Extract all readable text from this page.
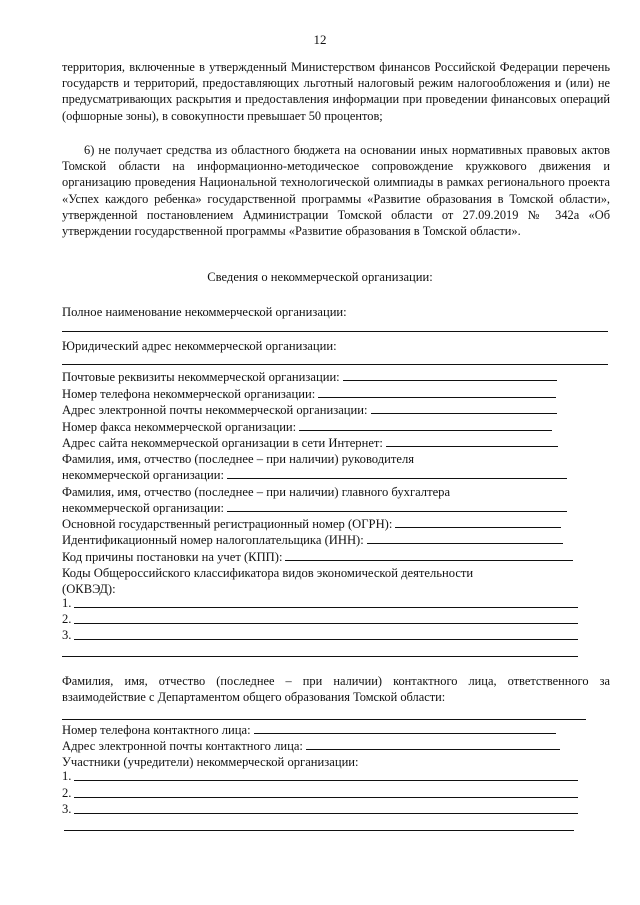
12
территория, включенные в утвержденный Министерством финансов Российской Федерации перечень государств и территорий, предоставляющих льготный налоговый режим налогообложения и (или) не предусматривающих раскрытия и предоставления информации при проведении финансовых операций (офшорные зоны), в совокупности превышает 50 процентов;
6) не получает средства из областного бюджета на основании иных нормативных правовых актов Томской области на информационно-методическое сопровождение кружкового движения и организацию проведения Национальной технологической олимпиады в рамках регионального проекта «Успех каждого ребенка» государственной программы «Развитие образования в Томской области», утвержденной постановлением Администрации Томской области от 27.09.2019 № 342а «Об утверждении государственной программы «Развитие образования в Томской области».
Сведения о некоммерческой организации:
Полное наименование некоммерческой организации:
Юридический адрес некоммерческой организации:
Почтовые реквизиты некоммерческой организации:
Номер телефона некоммерческой организации:
Адрес электронной почты некоммерческой организации:
Номер факса некоммерческой организации:
Адрес сайта некоммерческой организации в сети Интернет:
Фамилия, имя, отчество (последнее – при наличии) руководителя
некоммерческой организации:
Фамилия, имя, отчество (последнее – при наличии) главного бухгалтера
некоммерческой организации:
Основной государственный регистрационный номер (ОГРН):
Идентификационный номер налогоплательщика (ИНН):
Код причины постановки на учет (КПП):
Коды Общероссийского классификатора видов экономической деятельности
(ОКВЭД):
1.
2.
3.
Фамилия, имя, отчество (последнее – при наличии) контактного лица, ответственного за взаимодействие с Департаментом общего образования Томской области:
Номер телефона контактного лица:
Адрес электронной почты контактного лица:
Участники (учредители) некоммерческой организации:
1.
2.
3.
